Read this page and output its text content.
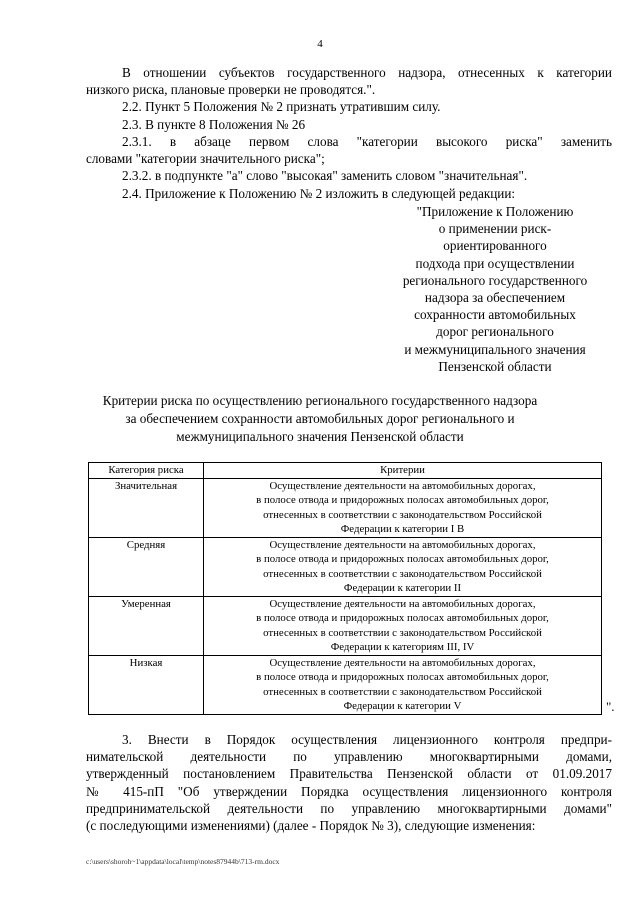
4
В отношении субъектов государственного надзора, отнесенных к категории
низкого риска, плановые проверки не проводятся.".
2.2. Пункт 5 Положения № 2 признать утратившим силу.
2.3. В пункте 8 Положения № 26
2.3.1. в абзаце первом слова "категории высокого риска" заменить
словами "категории значительного риска";
2.3.2. в подпункте "а" слово "высокая" заменить словом "значительная".
2.4. Приложение к Положению № 2 изложить в следующей редакции:
"Приложение к Положению
о применении риск-
ориентированного
подхода при осуществлении
регионального государственного
надзора за обеспечением
сохранности автомобильных
дорог регионального
и межмуниципального значения
Пензенской области
Критерии риска по осуществлению регионального государственного надзора
за обеспечением сохранности автомобильных дорог регионального и
межмуниципального значения Пензенской области
Категория риска	Критерии
Значительная	Осуществление деятельности на автомобильных дорогах,
в полосе отвода и придорожных полосах автомобильных дорог,
отнесенных в соответствии с законодательством Российской
Федерации к категории I B

Средняя	Осуществление деятельности на автомобильных дорогах,
в полосе отвода и придорожных полосах автомобильных дорог,
отнесенных в соответствии с законодательством Российской
Федерации к категории II

Умеренная	Осуществление деятельности на автомобильных дорогах,
в полосе отвода и придорожных полосах автомобильных дорог,
отнесенных в соответствии с законодательством Российской
Федерации к категориям III, IV

Низкая	Осуществление деятельности на автомобильных дорогах,
в полосе отвода и придорожных полосах автомобильных дорог,
отнесенных в соответствии с законодательством Российской
Федерации к категории V	".
3. Внести в Порядок осуществления лицензионного контроля предпри-
нимательской деятельности по управлению многоквартирными домами,
утвержденный постановлением Правительства Пензенской области от 01.09.2017
№ 415-пП "Об утверждении Порядка осуществления лицензионного контроля
предпринимательской деятельности по управлению многоквартирными домами"
(с последующими изменениями) (далее - Порядок № 3), следующие изменения:
c:\users\shoroh~1\appdata\local\temp\notes87944b\713-rm.docx
